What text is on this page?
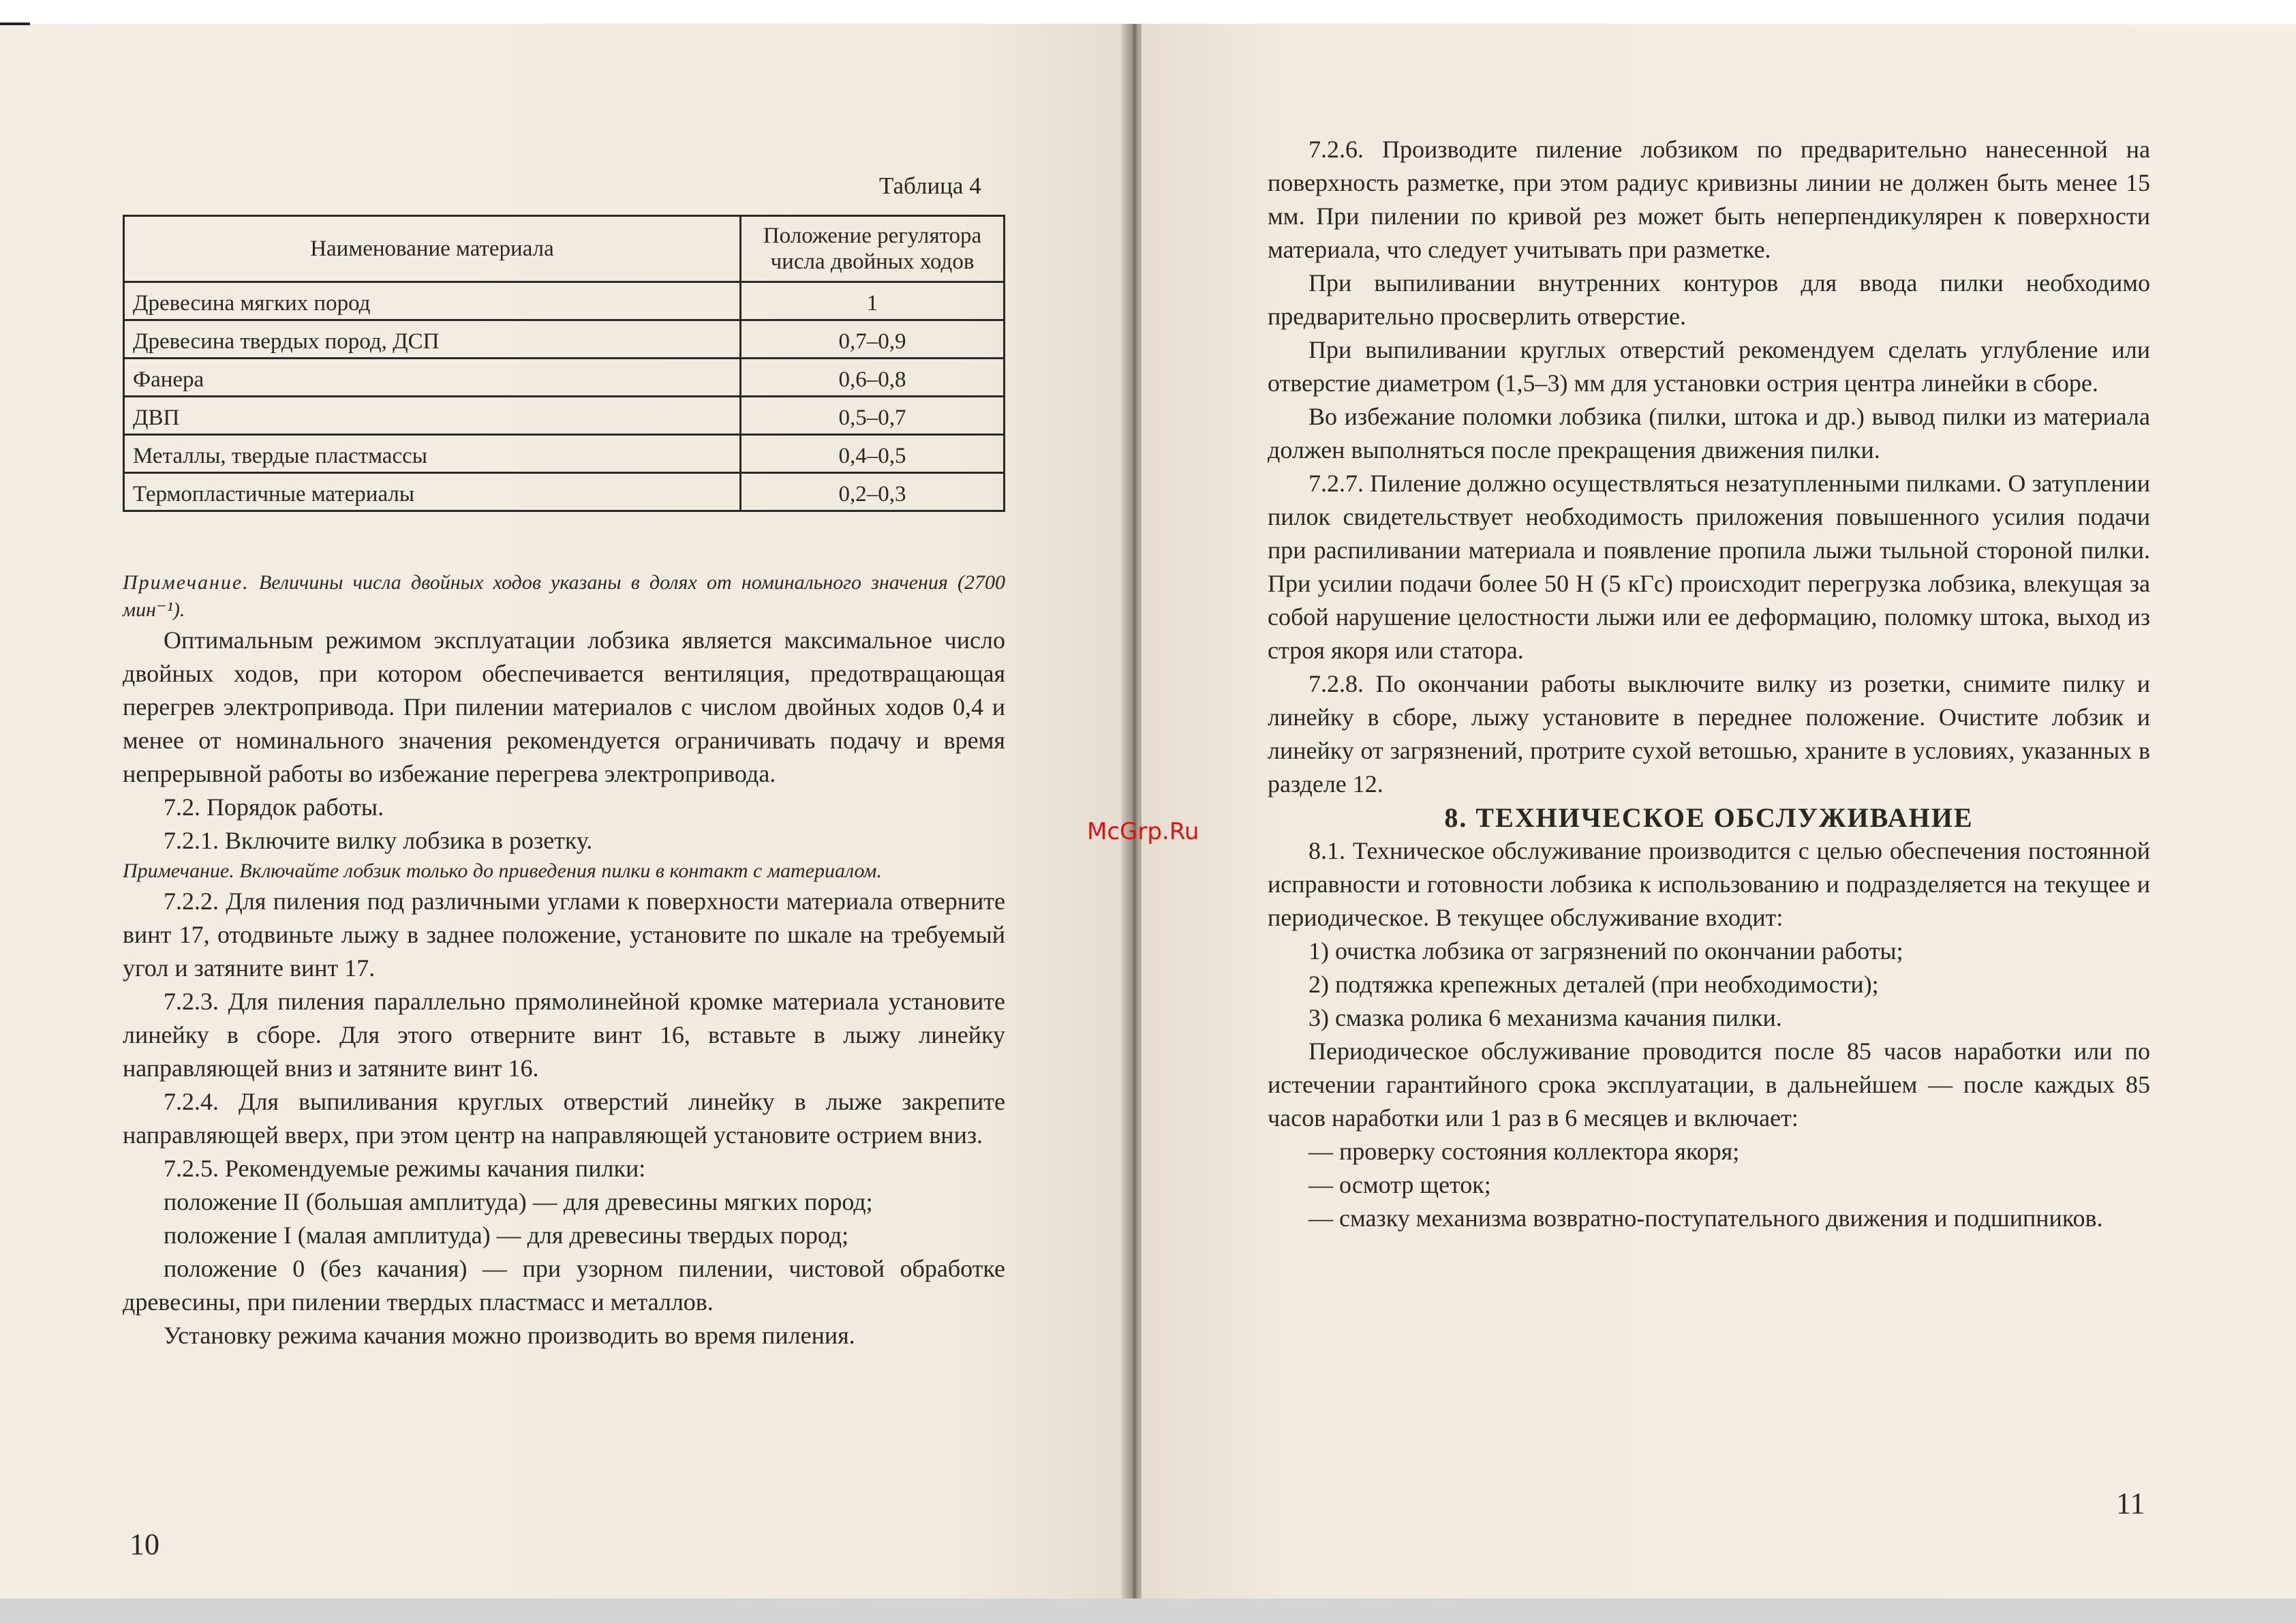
Таблица 4
Наименование материала	Положение регулятора числа двойных ходов
Древесина мягких пород	1
Древесина твердых пород, ДСП	0,7–0,9
Фанера	0,6–0,8
ДВП	0,5–0,7
Металлы, твердые пластмассы	0,4–0,5
Термопластичные материалы	0,2–0,3

Примечание. Величины числа двойных ходов указаны в долях от номинального значения (2700 мин⁻¹).

Оптимальным режимом эксплуатации лобзика является максимальное число двойных ходов, при котором обеспечивается вентиляция, предотвращающая перегрев электропривода. При пилении материалов с числом двойных ходов 0,4 и менее от номинального значения рекомендуется ограничивать подачу и время непрерывной работы во избежание перегрева электропривода.

7.2. Порядок работы.

7.2.1. Включите вилку лобзика в розетку.

Примечание. Включайте лобзик только до приведения пилки в контакт с материалом.

7.2.2. Для пиления под различными углами к поверхности материала отверните винт 17, отодвиньте лыжу в заднее положение, установите по шкале на требуемый угол и затяните винт 17.

7.2.3. Для пиления параллельно прямолинейной кромке материала установите линейку в сборе. Для этого отверните винт 16, вставьте в лыжу линейку направляющей вниз и затяните винт 16.

7.2.4. Для выпиливания круглых отверстий линейку в лыже закрепите направляющей вверх, при этом центр на направляющей установите острием вниз.

7.2.5. Рекомендуемые режимы качания пилки:

положение II (большая амплитуда) — для древесины мягких пород;

положение I (малая амплитуда) — для древесины твердых пород;

положение 0 (без качания) — при узорном пилении, чистовой обработке древесины, при пилении твердых пластмасс и металлов.

Установку режима качания можно производить во время пиления.

10

7.2.6. Производите пиление лобзиком по предварительно нанесенной на поверхность разметке, при этом радиус кривизны линии не должен быть менее 15 мм. При пилении по кривой рез может быть неперпендикулярен к поверхности материала, что следует учитывать при разметке.

При выпиливании внутренних контуров для ввода пилки необходимо предварительно просверлить отверстие.

При выпиливании круглых отверстий рекомендуем сделать углубление или отверстие диаметром (1,5–3) мм для установки острия центра линейки в сборе.

Во избежание поломки лобзика (пилки, штока и др.) вывод пилки из материала должен выполняться после прекращения движения пилки.

7.2.7. Пиление должно осуществляться незатупленными пилками. О затуплении пилок свидетельствует необходимость приложения повышенного усилия подачи при распиливании материала и появление пропила лыжи тыльной стороной пилки. При усилии подачи более 50 Н (5 кГс) происходит перегрузка лобзика, влекущая за собой нарушение целостности лыжи или ее деформацию, поломку штока, выход из строя якоря или статора.

7.2.8. По окончании работы выключите вилку из розетки, снимите пилку и линейку в сборе, лыжу установите в переднее положение. Очистите лобзик и линейку от загрязнений, протрите сухой ветошью, храните в условиях, указанных в разделе 12.

8. ТЕХНИЧЕСКОЕ ОБСЛУЖИВАНИЕ

8.1. Техническое обслуживание производится с целью обеспечения постоянной исправности и готовности лобзика к использованию и подразделяется на текущее и периодическое. В текущее обслуживание входит:

1) очистка лобзика от загрязнений по окончании работы;

2) подтяжка крепежных деталей (при необходимости);

3) смазка ролика 6 механизма качания пилки.

Периодическое обслуживание проводится после 85 часов наработки или по истечении гарантийного срока эксплуатации, в дальнейшем — после каждых 85 часов наработки или 1 раз в 6 месяцев и включает:

— проверку состояния коллектора якоря;

— осмотр щеток;

— смазку механизма возвратно-поступательного движения и подшипников.

11
McGrp.Ru
